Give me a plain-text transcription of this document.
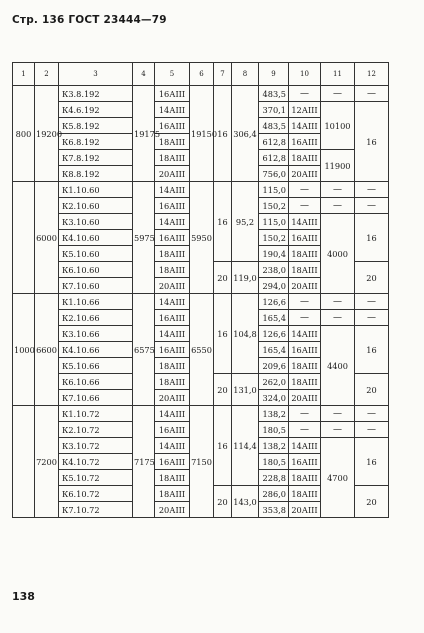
Стр. 136 ГОСТ 23444—79
1	2	3	4	5	6	7	8	9	10	11	12
800	19200	К3.8.192	19175	16АIII	19150	16	306,4	483,5	—	—	—
		К4.6.192		14АIII				370,1	12АIII	10100	16
		К5.8.192		16АIII				483,5	14АIII		
		К6.8.192		18АIII				612,8	16АIII		
		К7.8.192		18АIII				612,8	18АIII	11900	
		К8.8.192		20АIII				756,0	20АIII		
	6000	К1.10.60	5975	14АIII	5950	16	95,2	115,0	—	—	—
		К2.10.60		16АIII				150,2	—	—	—
		К3.10.60		14АIII				115,0	14АIII	4000	16
		К4.10.60		16АIII				150,2	16АIII		
		К5.10.60		18АIII				190,4	18АIII		
		К6.10.60		18АIII		20	119,0	238,0	18АIII		20
		К7.10.60		20АIII				294,0	20АIII		
1000	6600	К1.10.66	6575	14АIII	6550	16	104,8	126,6	—	—	—
		К2.10.66		16АIII				165,4	—	—	—
		К3.10.66		14АIII				126,6	14АIII	4400	16
		К4.10.66		16АIII				165,4	16АIII		
		К5.10.66		18АIII				209,6	18АIII		
		К6.10.66		18АIII		20	131,0	262,0	18АIII		20
		К7.10.66		20АIII				324,0	20АIII		
	7200	К1.10.72	7175	14АIII	7150	16	114,4	138,2	—	—	—
		К2.10.72		16АIII				180,5	—	—	—
		К3.10.72		14АIII				138,2	14АIII	4700	16
		К4.10.72		16АIII				180,5	16АIII		
		К5.10.72		18АIII				228,8	18АIII		
		К6.10.72		18АIII		20	143,0	286,0	18АIII		20
		К7.10.72		20АIII				353,8	20АIII		
138
